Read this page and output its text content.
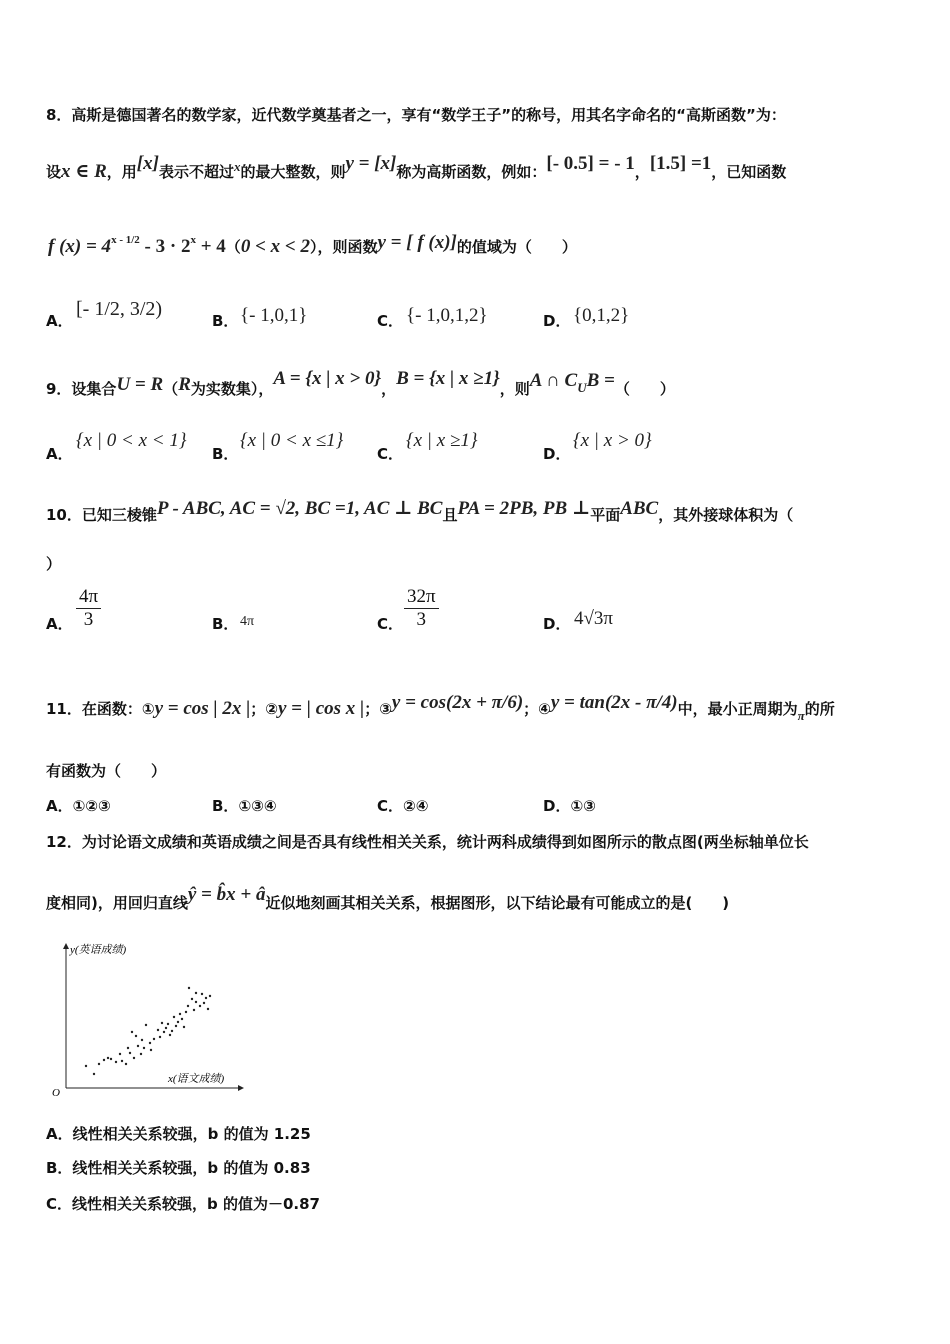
8．高斯是德国著名的数学家，近代数学奠基者之一，享有“数学王子”的称号，用其名字命名的“高斯函数”为：
设x ∈ R，用[x]表示不超过x的最大整数，则y = [x]称为高斯函数，例如：[- 0.5] = - 1，[1.5] =1，已知函数
f $(x) = 4^{x - 1/2} - 3 \cdot 2^x + 4(0 < x < 2)$，则函数y = [ f (x)]的值域为（　　）
A．
[- 1/2, 3/2)
B． {- 1,0,1}	C． {- 1,0,1,2}	D． {0,1,2}
9．设集合U = R（R为实数集），A = {x | x > 0}，B = {x | x ≥1}，则A ∩ CUB =（　　）
A．
{x | 0 < x < 1}
B．
{x | 0 < x ≤1}
C．
{x | x ≥1}
D．
{x | x > 0}
10．已知三棱锥P - ABC, AC = √2, BC =1, AC ⊥ BC且PA = 2PB, PB ⊥平面ABC，其外接球体积为（
）
A． $\frac{4\pi}{3}$	B． 4π	C． $\frac{32\pi}{3}$	D． 4√3π
11．在函数：①y = cos | 2x |；②y = | cos x |；③y = cos(2x + π/6)；④y = tan(2x - π/4)中，最小正周期为π的所
有函数为（　　）
A．①②③	B．①③④	C．②④	D．①③
12．为讨论语文成绩和英语成绩之间是否具有线性相关关系，统计两科成绩得到如图所示的散点图(两坐标轴单位长
度相同)，用回归直线ŷ = b̂x + â近似地刻画其相关关系，根据图形，以下结论最有可能成立的是(　　)
y(英语成绩)
x(语文成绩)
O
A．线性相关关系较强，b 的值为 1.25
B．线性相关关系较强，b 的值为 0.83
C．线性相关关系较强，b 的值为－0.87
